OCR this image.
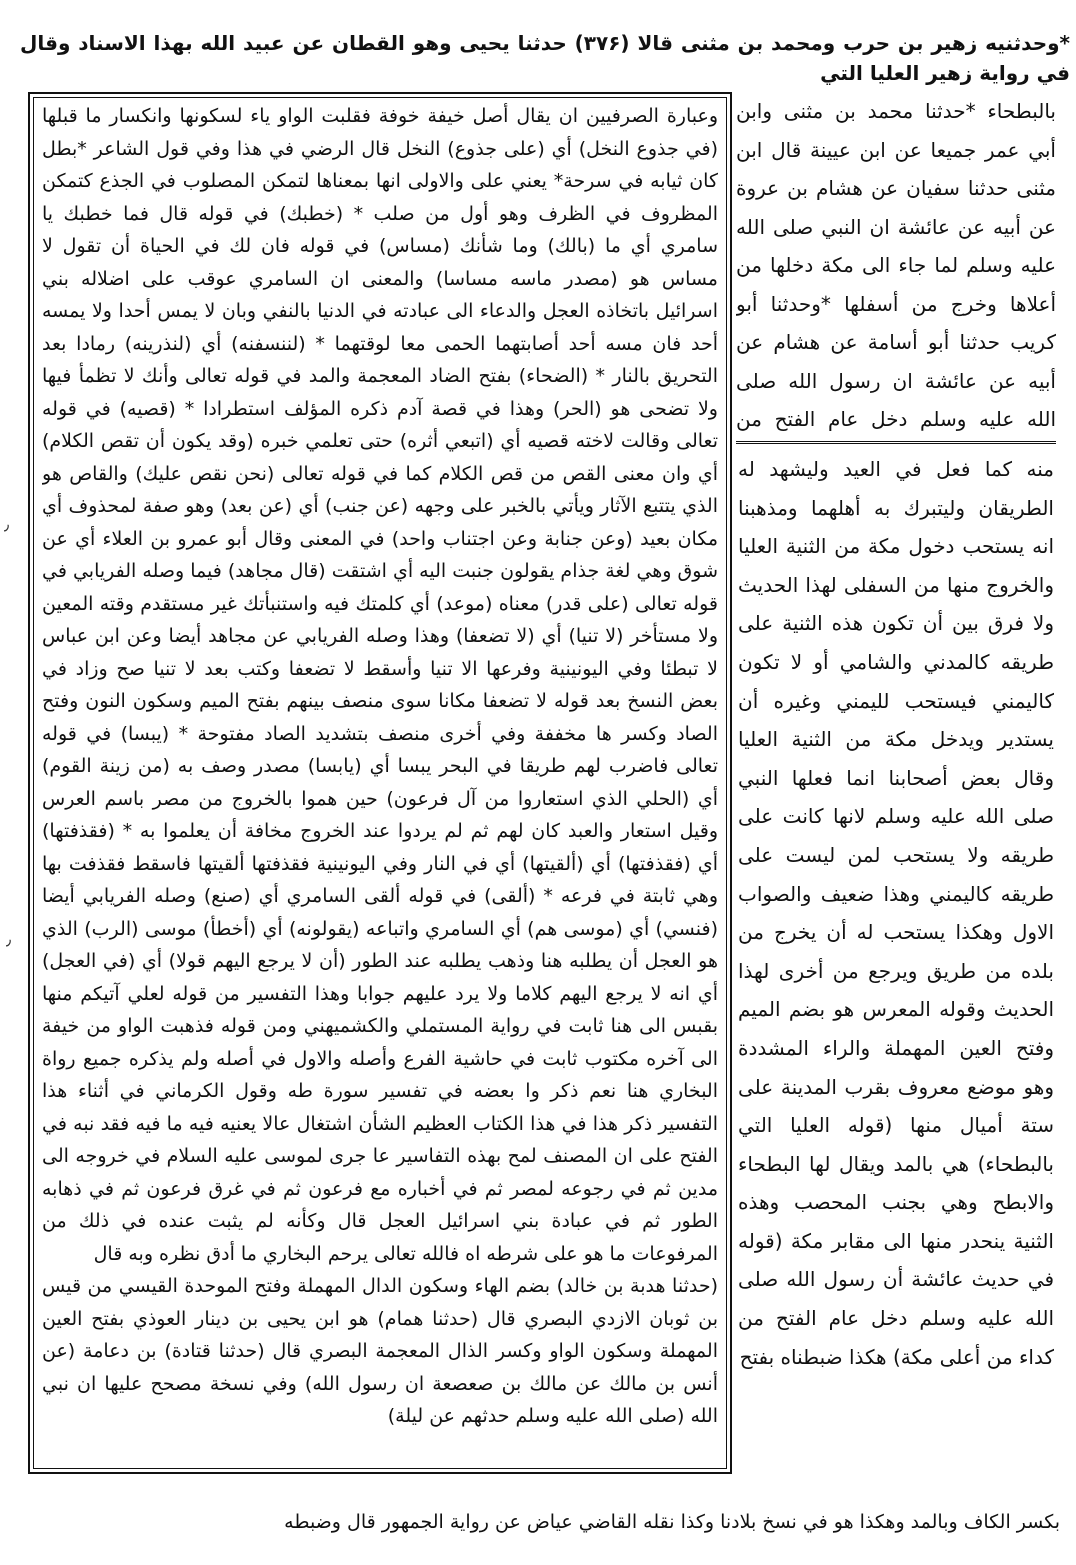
*وحدثنيه زهير بن حرب ومحمد بن مثنى قالا (۳۷۶) حدثنا يحيى وهو القطان عن عبيد الله بهذا الاسناد وقال في رواية زهير العليا التي

وعبارة الصرفيين ان يقال أصل خيفة خوفة فقلبت الواو ياء لسكونها وانكسار ما قبلها (في جذوع النخل) أي (على جذوع) النخل قال الرضي في هذا وفي قول الشاعر *بطل كان ثيابه في سرحة* يعني على والاولى انها بمعناها لتمكن المصلوب في الجذع كتمكن المظروف في الظرف وهو أول من صلب * (خطبك) في قوله قال فما خطبك يا سامري أي ما (بالك) وما شأنك (مساس) في قوله فان لك في الحياة أن تقول لا مساس هو (مصدر ماسه مساسا) والمعنى ان السامري عوقب على اضلاله بني اسرائيل باتخاذه العجل والدعاء الى عبادته في الدنيا بالنفي وبان لا يمس أحدا ولا يمسه أحد فان مسه أحد أصابتهما الحمى معا لوقتهما * (لننسفنه) أي (لنذرينه) رمادا بعد التحريق بالنار * (الضحاء) بفتح الضاد المعجمة والمد في قوله تعالى وأنك لا تظمأ فيها ولا تضحى هو (الحر) وهذا في قصة آدم ذكره المؤلف استطرادا * (قصيه) في قوله تعالى وقالت لاخته قصيه أي (اتبعي أثره) حتى تعلمي خبره (وقد يكون أن تقص الكلام) أي وان معنى القص من قص الكلام كما في قوله تعالى (نحن نقص عليك) والقاص هو الذي يتتبع الآثار ويأتي بالخبر على وجهه (عن جنب) أي (عن بعد) وهو صفة لمحذوف أي مكان بعيد (وعن جنابة وعن اجتناب واحد) في المعنى وقال أبو عمرو بن العلاء أي عن شوق وهي لغة جذام يقولون جنبت اليه أي اشتقت (قال مجاهد) فيما وصله الفريابي في قوله تعالى (على قدر) معناه (موعد) أي كلمتك فيه واستنبأتك غير مستقدم وقته المعين ولا مستأخر (لا تنيا) أي (لا تضعفا) وهذا وصله الفريابي عن مجاهد أيضا وعن ابن عباس لا تبطئا وفي اليونينية وفرعها الا تنيا وأسقط لا تضعفا وكتب بعد لا تنيا صح وزاد في بعض النسخ بعد قوله لا تضعفا مكانا سوى منصف بينهم بفتح الميم وسكون النون وفتح الصاد وكسر ها مخففة وفي أخرى منصف بتشديد الصاد مفتوحة * (يبسا) في قوله تعالى فاضرب لهم طريقا في البحر يبسا أي (يابسا) مصدر وصف به (من زينة القوم) أي (الحلي الذي استعاروا من آل فرعون) حين هموا بالخروج من مصر باسم العرس وقيل استعار والعبد كان لهم ثم لم يردوا عند الخروج مخافة أن يعلموا به * (فقذفتها) أي (فقذفتها) أي (ألقيتها) أي في النار وفي اليونينية فقذفتها ألقيتها فاسقط فقذفت بها وهي ثابتة في فرعه * (ألقى) في قوله ألقى السامري أي (صنع) وصله الفريابي أيضا (فنسي) أي (موسى هم) أي السامري واتباعه (يقولونه) أي (أخطأ) موسى (الرب) الذي هو العجل أن يطلبه هنا وذهب يطلبه عند الطور (أن لا يرجع اليهم قولا) أي (في العجل) أي انه لا يرجع اليهم كلاما ولا يرد عليهم جوابا وهذا التفسير من قوله لعلي آتيكم منها بقبس الى هنا ثابت في رواية المستملي والكشميهني ومن قوله فذهبت الواو من خيفة الى آخره مكتوب ثابت في حاشية الفرع وأصله والاول في أصله ولم يذكره جميع رواة البخاري هنا نعم ذكر وا بعضه في تفسير سورة طه وقول الكرماني في أثناء هذا التفسير ذكر هذا في هذا الكتاب العظيم الشأن اشتغال عالا يعنيه فيه ما فيه فقد نبه في الفتح على ان المصنف لمح بهذه التفاسير عا جرى لموسى عليه السلام في خروجه الى مدين ثم في رجوعه لمصر ثم في أخباره مع فرعون ثم في غرق فرعون ثم في ذهابه الطور ثم في عبادة بني اسرائيل العجل قال وكأنه لم يثبت عنده في ذلك من المرفوعات ما هو على شرطه اه فالله تعالى يرحم البخاري ما أدق نظره وبه قال

(حدثنا هدبة بن خالد) بضم الهاء وسكون الدال المهملة وفتح الموحدة القيسي من قيس بن ثوبان الازدي البصري قال (حدثنا همام) هو ابن يحيى بن دينار العوذي بفتح العين المهملة وسكون الواو وكسر الذال المعجمة البصري قال (حدثنا قتادة) بن دعامة (عن أنس بن مالك عن مالك بن صعصعة ان رسول الله) وفي نسخة مصحح عليها ان نبي الله (صلى الله عليه وسلم حدثهم عن ليلة)

بالبطحاء *حدثنا محمد بن مثنى وابن أبي عمر جميعا عن ابن عيينة قال ابن مثنى حدثنا سفيان عن هشام بن عروة عن أبيه عن عائشة ان النبي صلى الله عليه وسلم لما جاء الى مكة دخلها من أعلاها وخرج من أسفلها *وحدثنا أبو كريب حدثنا أبو أسامة عن هشام عن أبيه عن عائشة ان رسول الله صلى الله عليه وسلم دخل عام الفتح من
منه كما فعل في العيد وليشهد له الطريقان وليتبرك به أهلهما ومذهبنا انه يستحب دخول مكة من الثنية العليا والخروج منها من السفلى لهذا الحديث ولا فرق بين أن تكون هذه الثنية على طريقه كالمدني والشامي أو لا تكون كاليمني فيستحب لليمني وغيره أن يستدير ويدخل مكة من الثنية العليا وقال بعض أصحابنا انما فعلها النبي صلى الله عليه وسلم لانها كانت على طريقه ولا يستحب لمن ليست على طريقه كاليمني وهذا ضعيف والصواب الاول وهكذا يستحب له أن يخرج من بلده من طريق ويرجع من أخرى لهذا الحديث وقوله المعرس هو بضم الميم وفتح العين المهملة والراء المشددة وهو موضع معروف بقرب المدينة على ستة أميال منها (قوله العليا التي بالبطحاء) هي بالمد ويقال لها البطحاء والابطح وهي بجنب المحصب وهذه الثنية ينحدر منها الى مقابر مكة (قوله في حديث عائشة أن رسول الله صلى الله عليه وسلم دخل عام الفتح من كداء من أعلى مكة) هكذا ضبطناه بفتح
٫
٫
بكسر الكاف وبالمد وهكذا هو في نسخ بلادنا وكذا نقله القاضي عياض عن رواية الجمهور قال وضبطه
